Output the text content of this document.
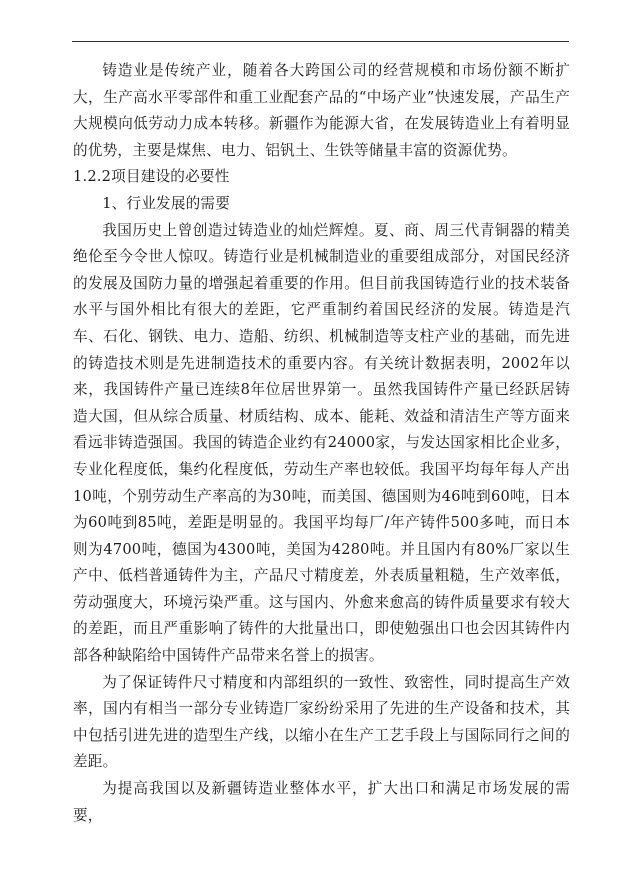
铸造业是传统产业，随着各大跨国公司的经营规模和市场份额不断扩大，生产高水平零部件和重工业配套产品的“中场产业”快速发展，产品生产大规模向低劳动力成本转移。新疆作为能源大省，在发展铸造业上有着明显的优势，主要是煤焦、电力、铝钒土、生铁等储量丰富的资源优势。

1.2.2项目建设的必要性

1、行业发展的需要

我国历史上曾创造过铸造业的灿烂辉煌。夏、商、周三代青铜器的精美绝伦至今令世人惊叹。铸造行业是机械制造业的重要组成部分，对国民经济的发展及国防力量的增强起着重要的作用。但目前我国铸造行业的技术装备水平与国外相比有很大的差距，它严重制约着国民经济的发展。铸造是汽车、石化、钢铁、电力、造船、纺织、机械制造等支柱产业的基础，而先进的铸造技术则是先进制造技术的重要内容。有关统计数据表明，2002年以来，我国铸件产量已连续8年位居世界第一。虽然我国铸件产量已经跃居铸造大国，但从综合质量、材质结构、成本、能耗、效益和清洁生产等方面来看远非铸造强国。我国的铸造企业约有24000家，与发达国家相比企业多，专业化程度低，集约化程度低，劳动生产率也较低。我国平均每年每人产出10吨，个别劳动生产率高的为30吨，而美国、德国则为46吨到60吨，日本为60吨到85吨，差距是明显的。我国平均每厂/年产铸件500多吨，而日本则为4700吨，德国为4300吨，美国为4280吨。并且国内有80%厂家以生产中、低档普通铸件为主，产品尺寸精度差，外表质量粗糙，生产效率低，劳动强度大，环境污染严重。这与国内、外愈来愈高的铸件质量要求有较大的差距，而且严重影响了铸件的大批量出口，即使勉强出口也会因其铸件内部各种缺陷给中国铸件产品带来名誉上的损害。

为了保证铸件尺寸精度和内部组织的一致性、致密性，同时提高生产效率，国内有相当一部分专业铸造厂家纷纷采用了先进的生产设备和技术，其中包括引进先进的造型生产线，以缩小在生产工艺手段上与国际同行之间的差距。

为提高我国以及新疆铸造业整体水平，扩大出口和满足市场发展的需要，
